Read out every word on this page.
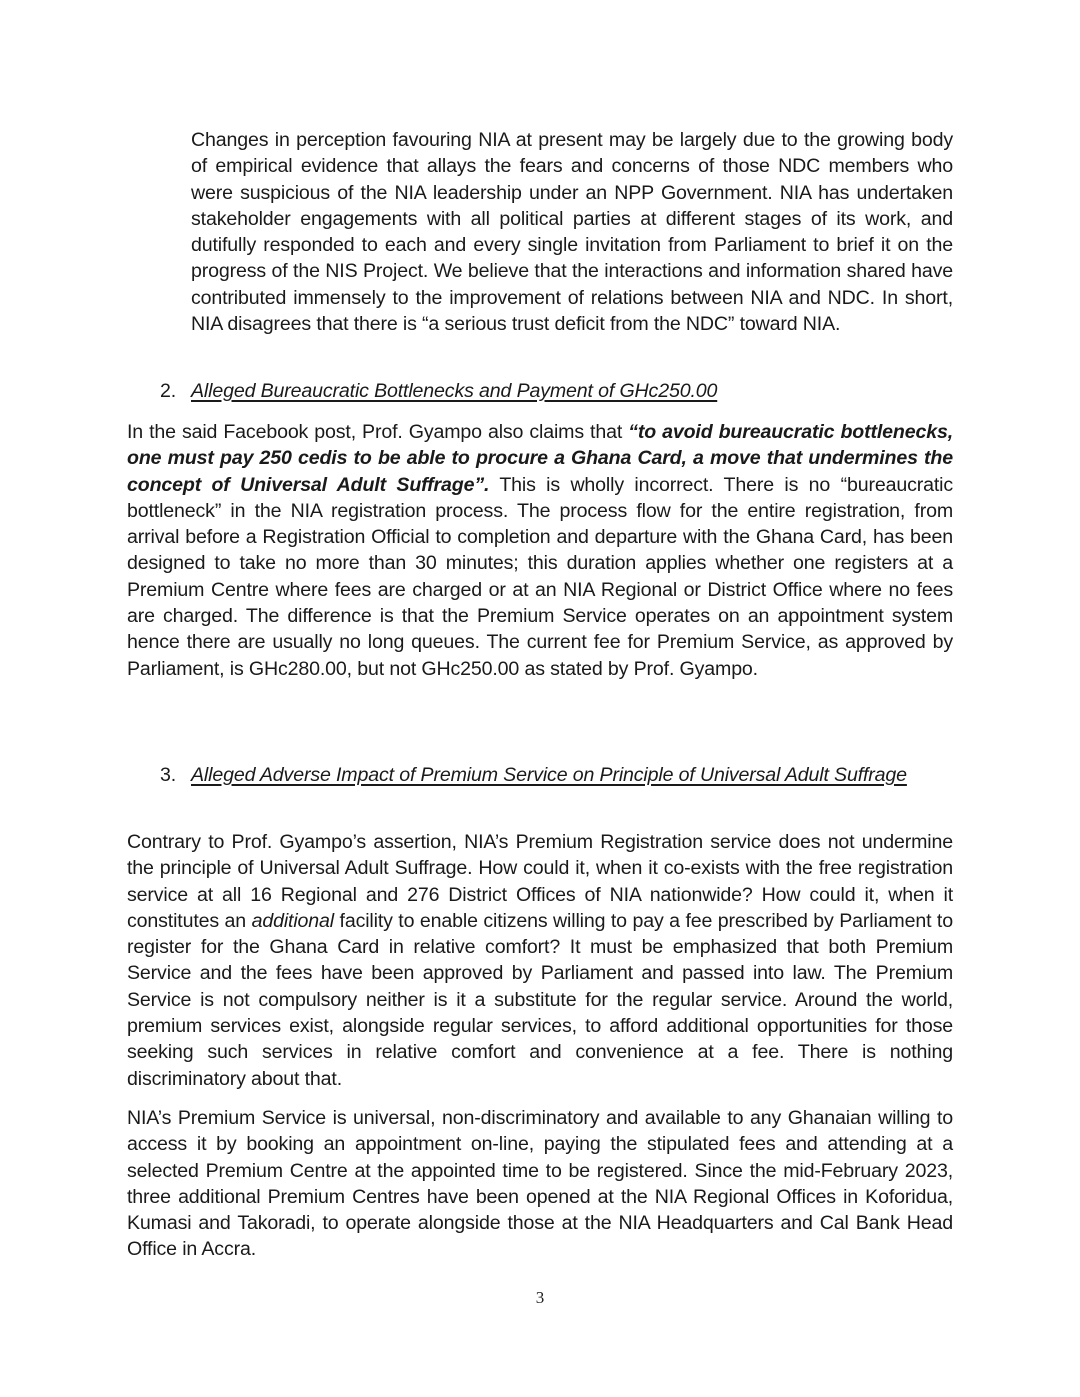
Changes in perception favouring NIA at present may be largely due to the growing body of empirical evidence that allays the fears and concerns of those NDC members who were suspicious of the NIA leadership under an NPP Government. NIA has undertaken stakeholder engagements with all political parties at different stages of its work, and dutifully responded to each and every single invitation from Parliament to brief it on the progress of the NIS Project. We believe that the interactions and information shared have contributed immensely to the improvement of relations between NIA and NDC. In short, NIA disagrees that there is “a serious trust deficit from the NDC” toward NIA.

2. Alleged Bureaucratic Bottlenecks and Payment of GHc250.00

In the said Facebook post, Prof. Gyampo also claims that “to avoid bureaucratic bottlenecks, one must pay 250 cedis to be able to procure a Ghana Card, a move that undermines the concept of Universal Adult Suffrage”. This is wholly incorrect. There is no “bureaucratic bottleneck” in the NIA registration process. The process flow for the entire registration, from arrival before a Registration Official to completion and departure with the Ghana Card, has been designed to take no more than 30 minutes; this duration applies whether one registers at a Premium Centre where fees are charged or at an NIA Regional or District Office where no fees are charged. The difference is that the Premium Service operates on an appointment system hence there are usually no long queues. The current fee for Premium Service, as approved by Parliament, is GHc280.00, but not GHc250.00 as stated by Prof. Gyampo.

3. Alleged Adverse Impact of Premium Service on Principle of Universal Adult Suffrage

Contrary to Prof. Gyampo’s assertion, NIA’s Premium Registration service does not undermine the principle of Universal Adult Suffrage. How could it, when it co-exists with the free registration service at all 16 Regional and 276 District Offices of NIA nationwide? How could it, when it constitutes an additional facility to enable citizens willing to pay a fee prescribed by Parliament to register for the Ghana Card in relative comfort? It must be emphasized that both Premium Service and the fees have been approved by Parliament and passed into law. The Premium Service is not compulsory neither is it a substitute for the regular service. Around the world, premium services exist, alongside regular services, to afford additional opportunities for those seeking such services in relative comfort and convenience at a fee. There is nothing discriminatory about that.

NIA’s Premium Service is universal, non-discriminatory and available to any Ghanaian willing to access it by booking an appointment on-line, paying the stipulated fees and attending at a selected Premium Centre at the appointed time to be registered. Since the mid-February 2023, three additional Premium Centres have been opened at the NIA Regional Offices in Koforidua, Kumasi and Takoradi, to operate alongside those at the NIA Headquarters and Cal Bank Head Office in Accra.

3
